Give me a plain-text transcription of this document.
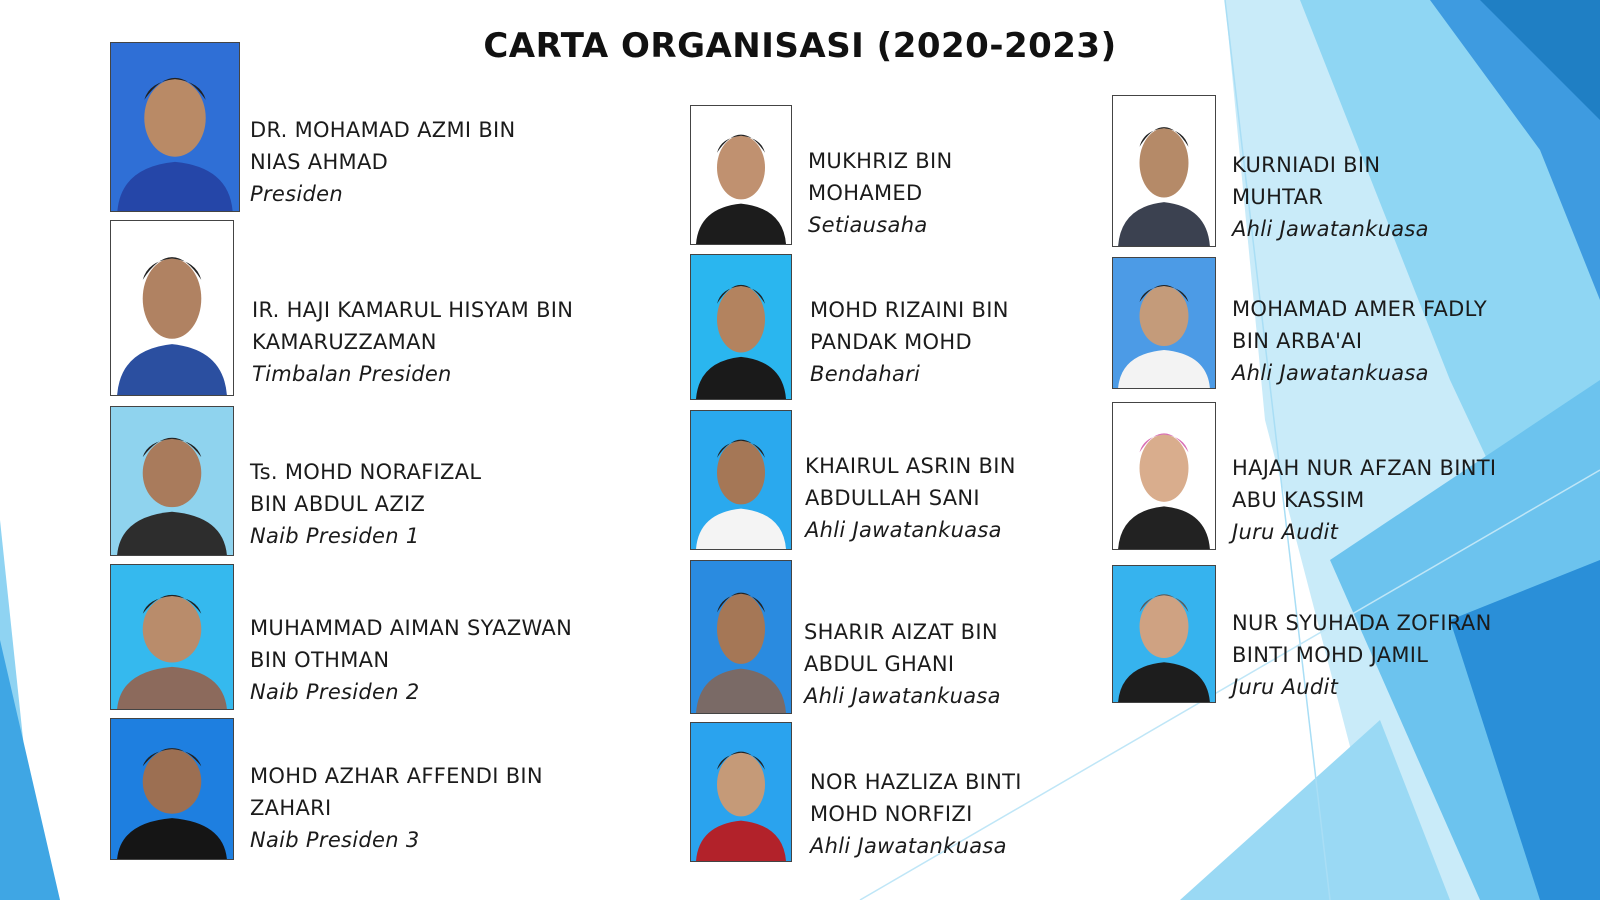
CARTA ORGANISASI (2020-2023)
DR. MOHAMAD AZMI BIN
NIAS AHMAD
Presiden
IR. HAJI KAMARUL HISYAM BIN
KAMARUZZAMAN
Timbalan Presiden
Ts. MOHD NORAFIZAL
BIN ABDUL AZIZ
Naib Presiden 1
MUHAMMAD AIMAN SYAZWAN
BIN OTHMAN
Naib Presiden 2
MOHD AZHAR AFFENDI BIN
ZAHARI
Naib Presiden 3
MUKHRIZ BIN
MOHAMED
Setiausaha
MOHD RIZAINI BIN
PANDAK MOHD
Bendahari
KHAIRUL ASRIN BIN
ABDULLAH SANI
Ahli Jawatankuasa
SHARIR AIZAT BIN
ABDUL GHANI
Ahli Jawatankuasa
NOR HAZLIZA BINTI
MOHD NORFIZI
Ahli Jawatankuasa
KURNIADI BIN
MUHTAR
Ahli Jawatankuasa
MOHAMAD AMER FADLY
BIN ARBA'AI
Ahli Jawatankuasa
HAJAH NUR AFZAN BINTI
ABU KASSIM
Juru Audit
NUR SYUHADA ZOFIRAN
BINTI MOHD JAMIL
Juru Audit
